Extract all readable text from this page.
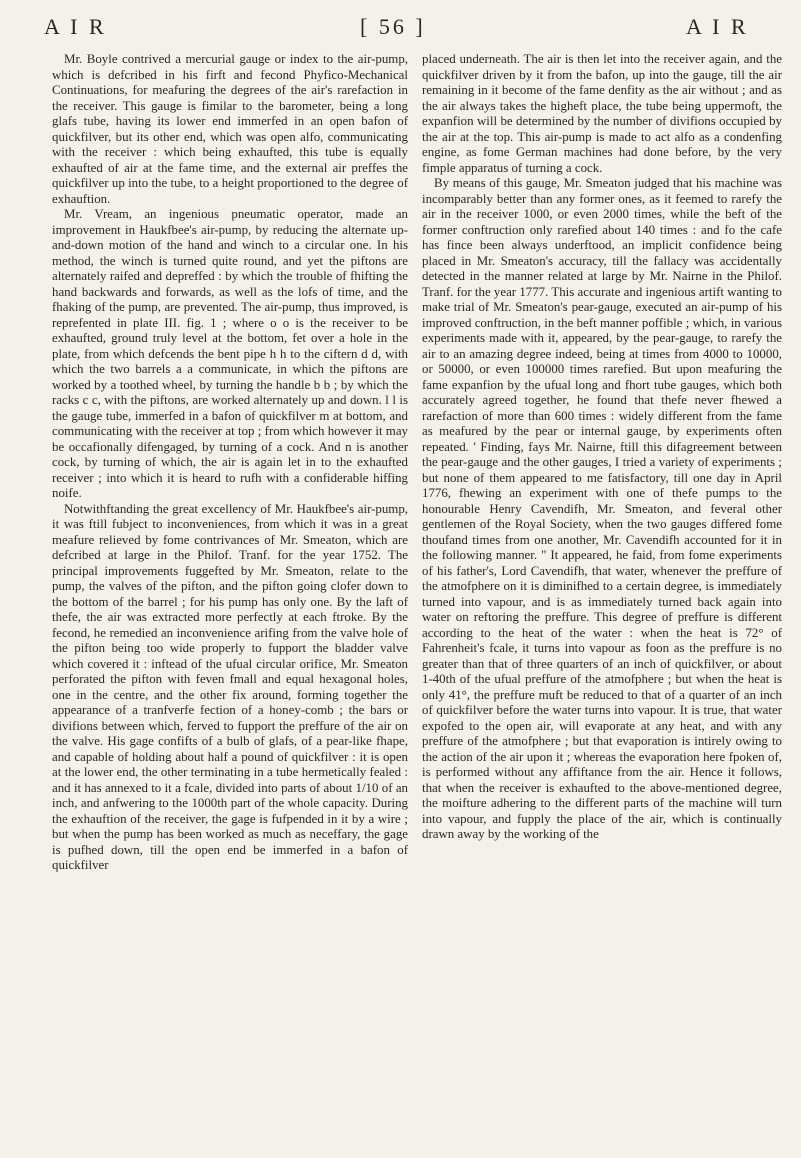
A I R	[ 56 ]	A I R

Mr. Boyle contrived a mercurial gauge or index to the air-pump, which is defcribed in his firft and fecond Phyfico-Mechanical Continuations, for meafuring the degrees of the air's rarefaction in the receiver. This gauge is fimilar to the barometer, being a long glafs tube, having its lower end immerfed in an open bafon of quickfilver, but its other end, which was open alfo, communicating with the receiver : which being exhaufted, this tube is equally exhaufted of air at the fame time, and the external air preffes the quickfilver up into the tube, to a height proportioned to the degree of exhauftion.

Mr. Vream, an ingenious pneumatic operator, made an improvement in Haukfbee's air-pump, by reducing the alternate up-and-down motion of the hand and winch to a circular one. In his method, the winch is turned quite round, and yet the piftons are alternately raifed and depreffed : by which the trouble of fhifting the hand backwards and forwards, as well as the lofs of time, and the fhaking of the pump, are prevented. The air-pump, thus improved, is reprefented in plate III. fig. 1 ; where o o is the receiver to be exhaufted, ground truly level at the bottom, fet over a hole in the plate, from which defcends the bent pipe h h to the ciftern d d, with which the two barrels a a communicate, in which the piftons are worked by a toothed wheel, by turning the handle b b ; by which the racks c c, with the piftons, are worked alternately up and down. l l is the gauge tube, immerfed in a bafon of quickfilver m at bottom, and communicating with the receiver at top ; from which however it may be occafionally difengaged, by turning of a cock. And n is another cock, by turning of which, the air is again let in to the exhaufted receiver ; into which it is heard to rufh with a confiderable hiffing noife.

Notwithftanding the great excellency of Mr. Haukfbee's air-pump, it was ftill fubject to inconveniences, from which it was in a great meafure relieved by fome contrivances of Mr. Smeaton, which are defcribed at large in the Philof. Tranf. for the year 1752. The principal improvements fuggefted by Mr. Smeaton, relate to the pump, the valves of the pifton, and the pifton going clofer down to the bottom of the barrel ; for his pump has only one. By the laft of thefe, the air was extracted more perfectly at each ftroke. By the fecond, he remedied an inconvenience arifing from the valve hole of the pifton being too wide properly to fupport the bladder valve which covered it : inftead of the ufual circular orifice, Mr. Smeaton perforated the pifton with feven fmall and equal hexagonal holes, one in the centre, and the other fix around, forming together the appearance of a tranfverfe fection of a honey-comb ; the bars or divifions between which, ferved to fupport the preffure of the air on the valve. His gage confifts of a bulb of glafs, of a pear-like fhape, and capable of holding about half a pound of quickfilver : it is open at the lower end, the other terminating in a tube hermetically fealed : and it has annexed to it a fcale, divided into parts of about 1/10 of an inch, and anfwering to the 1000th part of the whole capacity. During the exhauftion of the receiver, the gage is fufpended in it by a wire ; but when the pump has been worked as much as neceffary, the gage is pufhed down, till the open end be immerfed in a bafon of quickfilver

placed underneath. The air is then let into the receiver again, and the quickfilver driven by it from the bafon, up into the gauge, till the air remaining in it become of the fame denfity as the air without ; and as the air always takes the higheft place, the tube being uppermoft, the expanfion will be determined by the number of divifions occupied by the air at the top. This air-pump is made to act alfo as a condenfing engine, as fome German machines had done before, by the very fimple apparatus of turning a cock.

By means of this gauge, Mr. Smeaton judged that his machine was incomparably better than any former ones, as it feemed to rarefy the air in the receiver 1000, or even 2000 times, while the beft of the former conftruction only rarefied about 140 times : and fo the cafe has fince been always underftood, an implicit confidence being placed in Mr. Smeaton's accuracy, till the fallacy was accidentally detected in the manner related at large by Mr. Nairne in the Philof. Tranf. for the year 1777. This accurate and ingenious artift wanting to make trial of Mr. Smeaton's pear-gauge, executed an air-pump of his improved conftruction, in the beft manner poffible ; which, in various experiments made with it, appeared, by the pear-gauge, to rarefy the air to an amazing degree indeed, being at times from 4000 to 10000, or 50000, or even 100000 times rarefied. But upon meafuring the fame expanfion by the ufual long and fhort tube gauges, which both accurately agreed together, he found that thefe never fhewed a rarefaction of more than 600 times : widely different from the fame as meafured by the pear or internal gauge, by experiments often repeated. ' Finding, fays Mr. Nairne, ftill this difagreement between the pear-gauge and the other gauges, I tried a variety of experiments ; but none of them appeared to me fatisfactory, till one day in April 1776, fhewing an experiment with one of thefe pumps to the honourable Henry Cavendifh, Mr. Smeaton, and feveral other gentlemen of the Royal Society, when the two gauges differed fome thoufand times from one another, Mr. Cavendifh accounted for it in the following manner. " It appeared, he faid, from fome experiments of his father's, Lord Cavendifh, that water, whenever the preffure of the atmofphere on it is diminifhed to a certain degree, is immediately turned into vapour, and is as immediately turned back again into water on reftoring the preffure. This degree of preffure is different according to the heat of the water : when the heat is 72° of Fahrenheit's fcale, it turns into vapour as foon as the preffure is no greater than that of three quarters of an inch of quickfilver, or about 1-40th of the ufual preffure of the atmofphere ; but when the heat is only 41°, the preffure muft be reduced to that of a quarter of an inch of quickfilver before the water turns into vapour. It is true, that water expofed to the open air, will evaporate at any heat, and with any preffure of the atmofphere ; but that evaporation is intirely owing to the action of the air upon it ; whereas the evaporation here fpoken of, is performed without any affiftance from the air. Hence it follows, that when the receiver is exhaufted to the above-mentioned degree, the moifture adhering to the different parts of the machine will turn into vapour, and fupply the place of the air, which is continually drawn away by the working of the
